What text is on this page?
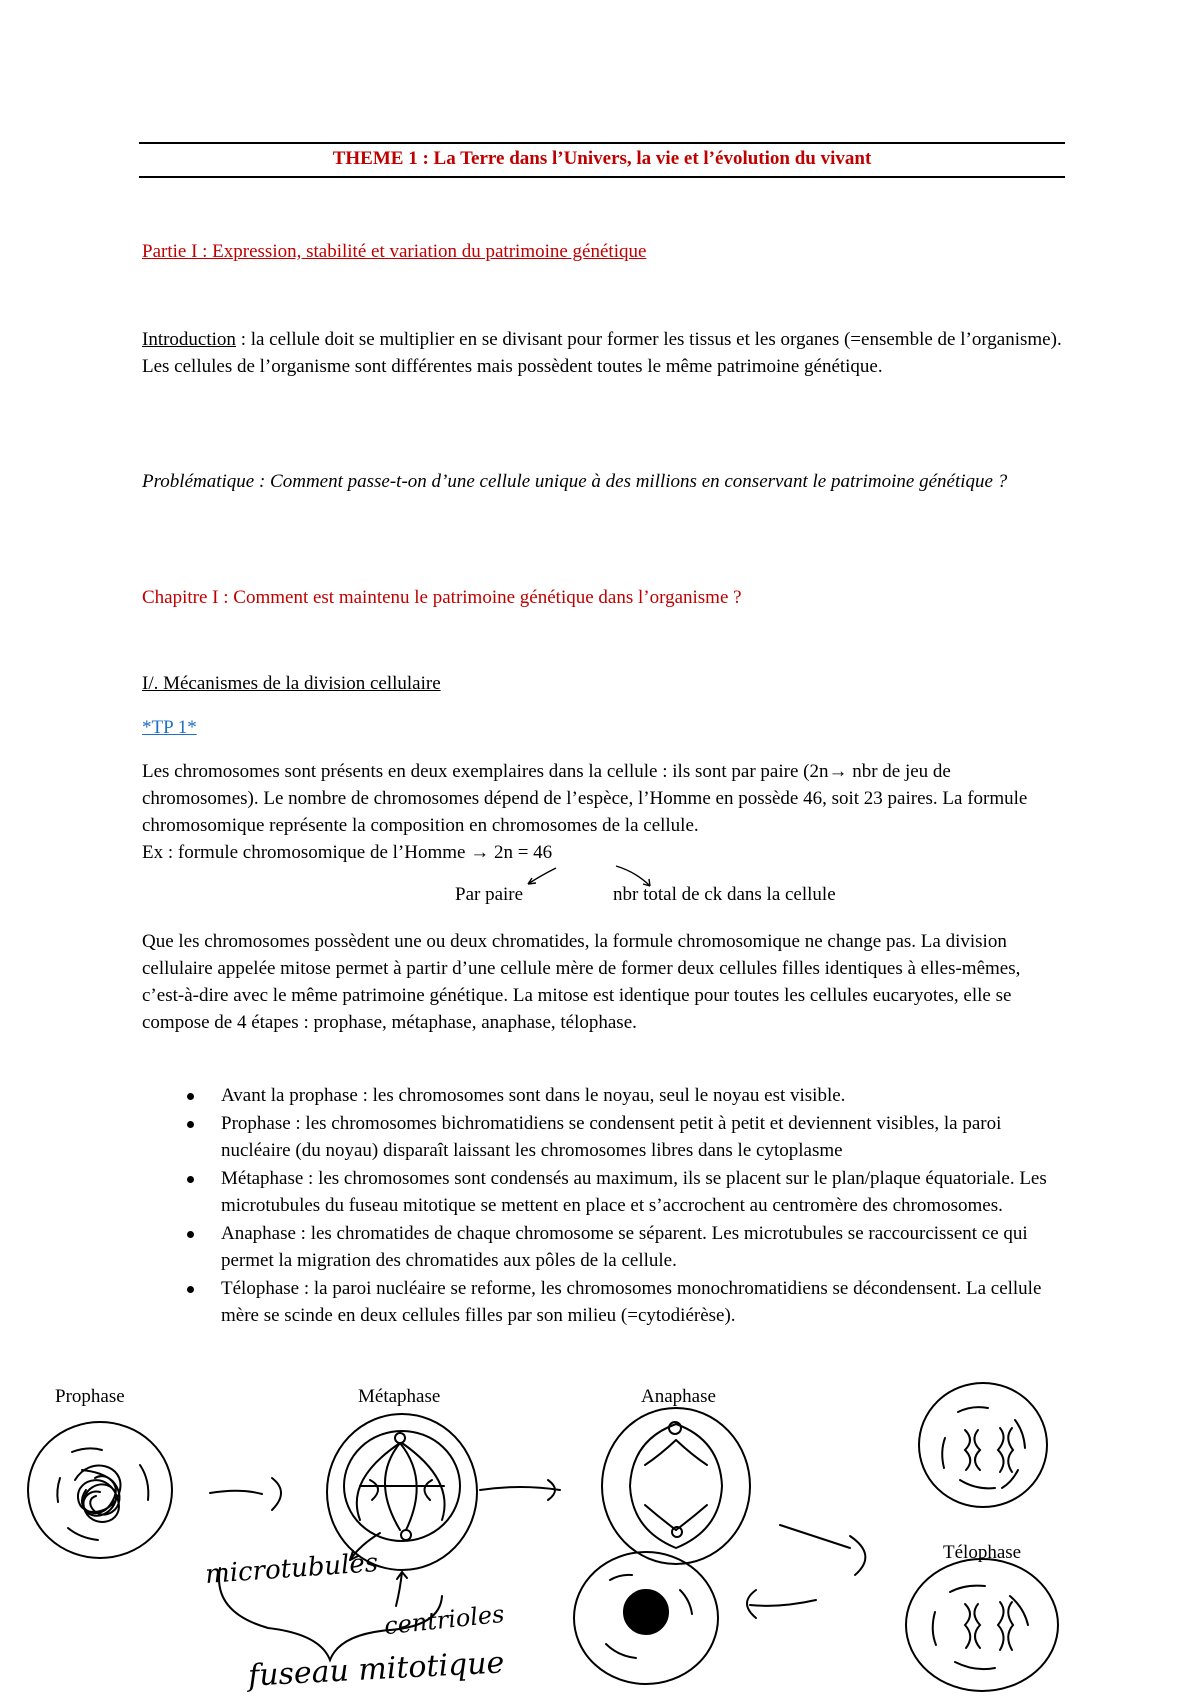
THEME 1 : La Terre dans l’Univers, la vie et l’évolution du vivant

Partie I : Expression, stabilité et variation du patrimoine génétique

Introduction : la cellule doit se multiplier en se divisant pour former les tissus et les organes (=ensemble de l’organisme). Les cellules de l’organisme sont différentes mais possèdent toutes le même patrimoine génétique.

Problématique : Comment passe-t-on d’une cellule unique à des millions en conservant le patrimoine génétique ?

Chapitre I : Comment est maintenu le patrimoine génétique dans l’organisme ?

I/. Mécanismes de la division cellulaire

*TP 1*

Les chromosomes sont présents en deux exemplaires dans la cellule : ils sont par paire (2n→ nbr de jeu de chromosomes). Le nombre de chromosomes dépend de l’espèce, l’Homme en possède 46, soit 23 paires. La formule chromosomique représente la composition en chromosomes de la cellule.

Ex : formule chromosomique de l’Homme → 2n = 46

Par paire	nbr total de ck dans la cellule

Que les chromosomes possèdent une ou deux chromatides, la formule chromosomique ne change pas. La division cellulaire appelée mitose permet à partir d’une cellule mère de former deux cellules filles identiques à elles-mêmes, c’est-à-dire avec le même patrimoine génétique. La mitose est identique pour toutes les cellules eucaryotes, elle se compose de 4 étapes : prophase, métaphase, anaphase, télophase.

Avant la prophase : les chromosomes sont dans le noyau, seul le noyau est visible.
Prophase : les chromosomes bichromatidiens se condensent petit à petit et deviennent visibles, la paroi nucléaire (du noyau) disparaît laissant les chromosomes libres dans le cytoplasme
Métaphase : les chromosomes sont condensés au maximum, ils se placent sur le plan/plaque équatoriale. Les microtubules du fuseau mitotique se mettent en place et s’accrochent au centromère des chromosomes.
Anaphase : les chromatides de chaque chromosome se séparent. Les microtubules se raccourcissent ce qui permet la migration des chromatides aux pôles de la cellule.
Télophase : la paroi nucléaire se reforme, les chromosomes monochromatidiens se décondensent. La cellule mère se scinde en deux cellules filles par son milieu (=cytodiérèse).
Prophase	Métaphase	Anaphase
Télophase
microtubules
centrioles
fuseau mitotique
